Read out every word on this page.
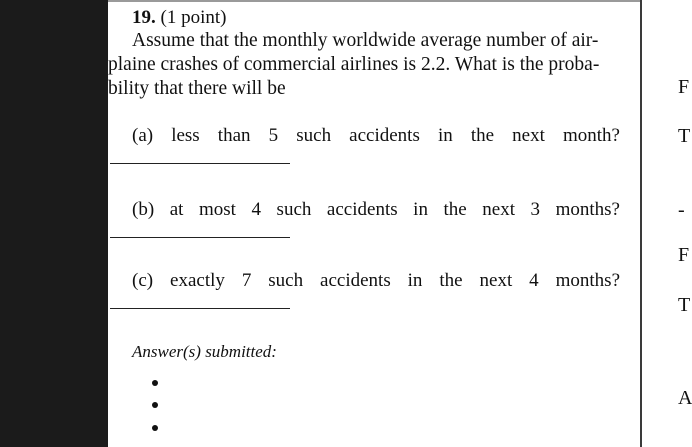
19. (1 point)
Assume that the monthly worldwide average number of air-
plaine crashes of commercial airlines is 2.2. What is the proba-
bility that there will be
(a) less than 5 such accidents in the next month?
(b) at most 4 such accidents in the next 3 months?
(c) exactly 7 such accidents in the next 4 months?
Answer(s) submitted:
F
T
-
F
T
A
